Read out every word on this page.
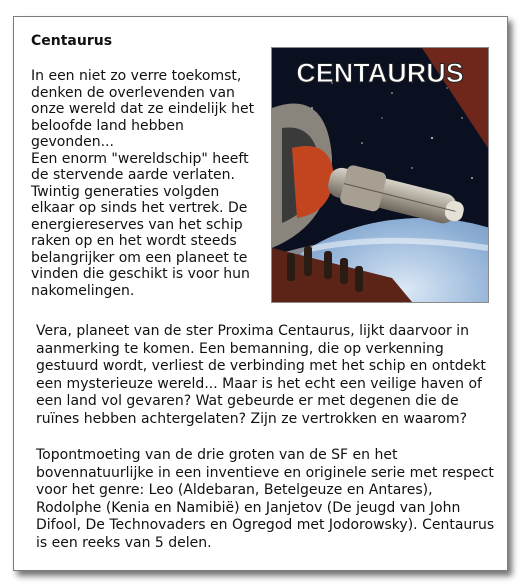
Centaurus

In een niet zo verre toekomst, denken de overlevenden van onze wereld dat ze eindelijk het beloofde land hebben gevonden...

Een enorm "wereldschip" heeft de stervende aarde verlaten. Twintig generaties volgden elkaar op sinds het vertrek. De energiereserves van het schip raken op en het wordt steeds belangrijker om een planeet te vinden die geschikt is voor hun nakomelingen.

CENTAURUS

Vera, planeet van de ster Proxima Centaurus, lijkt daarvoor in aanmerking te komen. Een bemanning, die op verkenning gestuurd wordt, verliest de verbinding met het schip en ontdekt een mysterieuze wereld... Maar is het echt een veilige haven of een land vol gevaren? Wat gebeurde er met degenen die de ruïnes hebben achtergelaten? Zijn ze vertrokken en waarom?

Topontmoeting van de drie groten van de SF en het bovennatuurlijke in een inventieve en originele serie met respect voor het genre: Leo (Aldebaran, Betelgeuze en Antares), Rodolphe (Kenia en Namibië) en Janjetov (De jeugd van John Difool, De Technovaders en Ogregod met Jodorowsky). Centaurus is een reeks van 5 delen.
